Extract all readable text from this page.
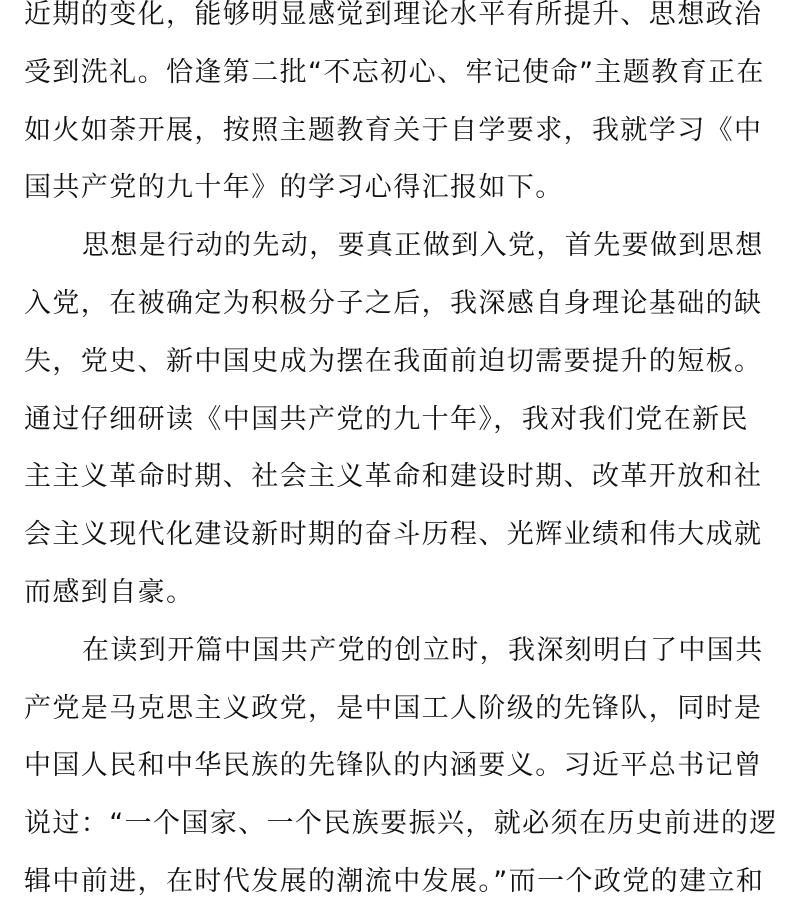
近期的变化，能够明显感觉到理论水平有所提升、思想政治
受到洗礼。恰逢第二批“不忘初心、牢记使命”主题教育正在
如火如荼开展，按照主题教育关于自学要求，我就学习《中
国共产党的九十年》的学习心得汇报如下。
思想是行动的先动，要真正做到入党，首先要做到思想
入党，在被确定为积极分子之后，我深感自身理论基础的缺
失，党史、新中国史成为摆在我面前迫切需要提升的短板。
通过仔细研读《中国共产党的九十年》，我对我们党在新民
主主义革命时期、社会主义革命和建设时期、改革开放和社
会主义现代化建设新时期的奋斗历程、光辉业绩和伟大成就
而感到自豪。
在读到开篇中国共产党的创立时，我深刻明白了中国共
产党是马克思主义政党，是中国工人阶级的先锋队，同时是
中国人民和中华民族的先锋队的内涵要义。习近平总书记曾
说过：“一个国家、一个民族要振兴，就必须在历史前进的逻
辑中前进，在时代发展的潮流中发展。”而一个政党的建立和
